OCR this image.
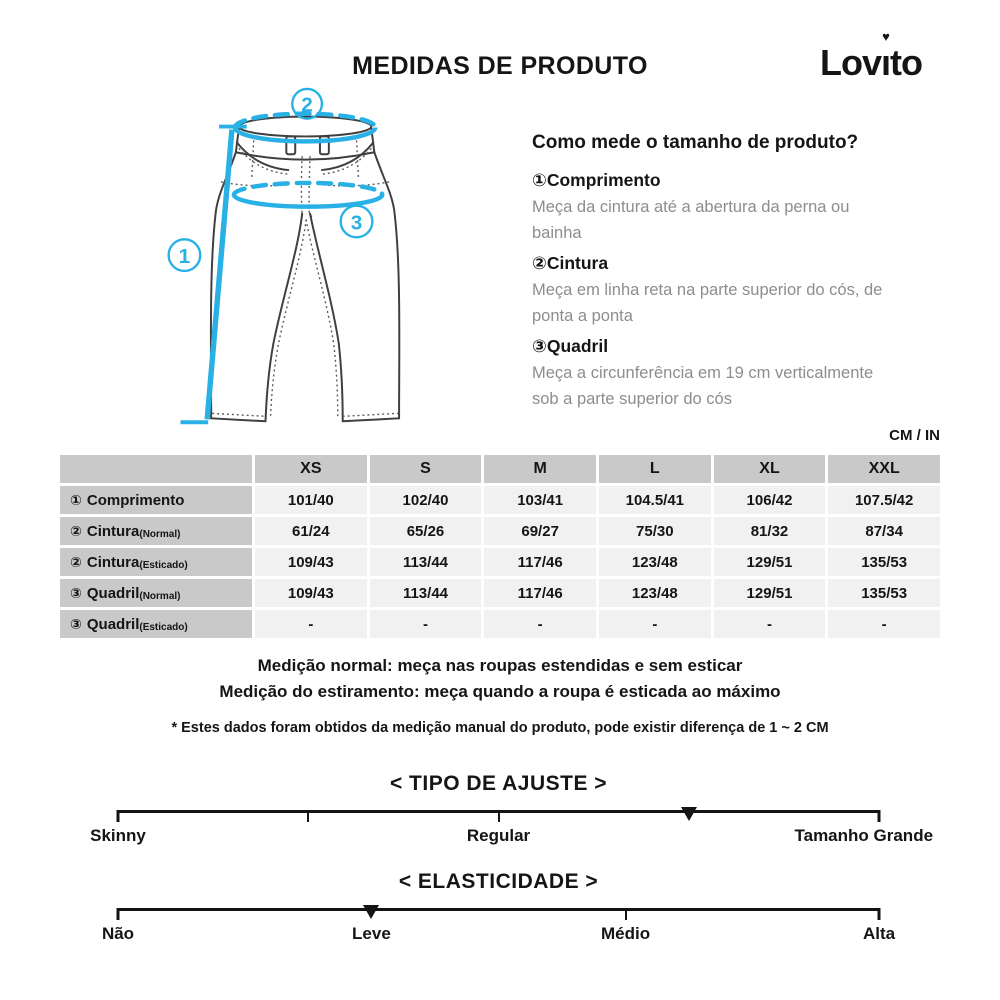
MEDIDAS DE PRODUTO	Lovı
♥
to
1
2
3
Como mede o tamanho de produto?
①Comprimento
Meça da cintura até a abertura da perna ou bainha
②Cintura
Meça em linha reta na parte superior do cós, de ponta a ponta
③Quadril
Meça a circunferência em 19 cm verticalmente sob a parte superior do cós
CM / IN
XS	S	M	L	XL	XXL
① Comprimento	101/40	102/40	103/41	104.5/41	106/42	107.5/42
② Cintura (Normal)	61/24	65/26	69/27	75/30	81/32	87/34
② Cintura (Esticado)	109/43	113/44	117/46	123/48	129/51	135/53
③ Quadril (Normal)	109/43	113/44	117/46	123/48	129/51	135/53
③ Quadril (Esticado)	-	-	-	-	-	-
Medição normal: meça nas roupas estendidas e sem esticar
Medição do estiramento: meça quando a roupa é esticada ao máximo
* Estes dados foram obtidos da medição manual do produto, pode existir diferença de 1 ~ 2 CM
< TIPO DE AJUSTE >
Skinny	Regular	Tamanho Grande
< ELASTICIDADE >
Não	Leve	Médio	Alta
